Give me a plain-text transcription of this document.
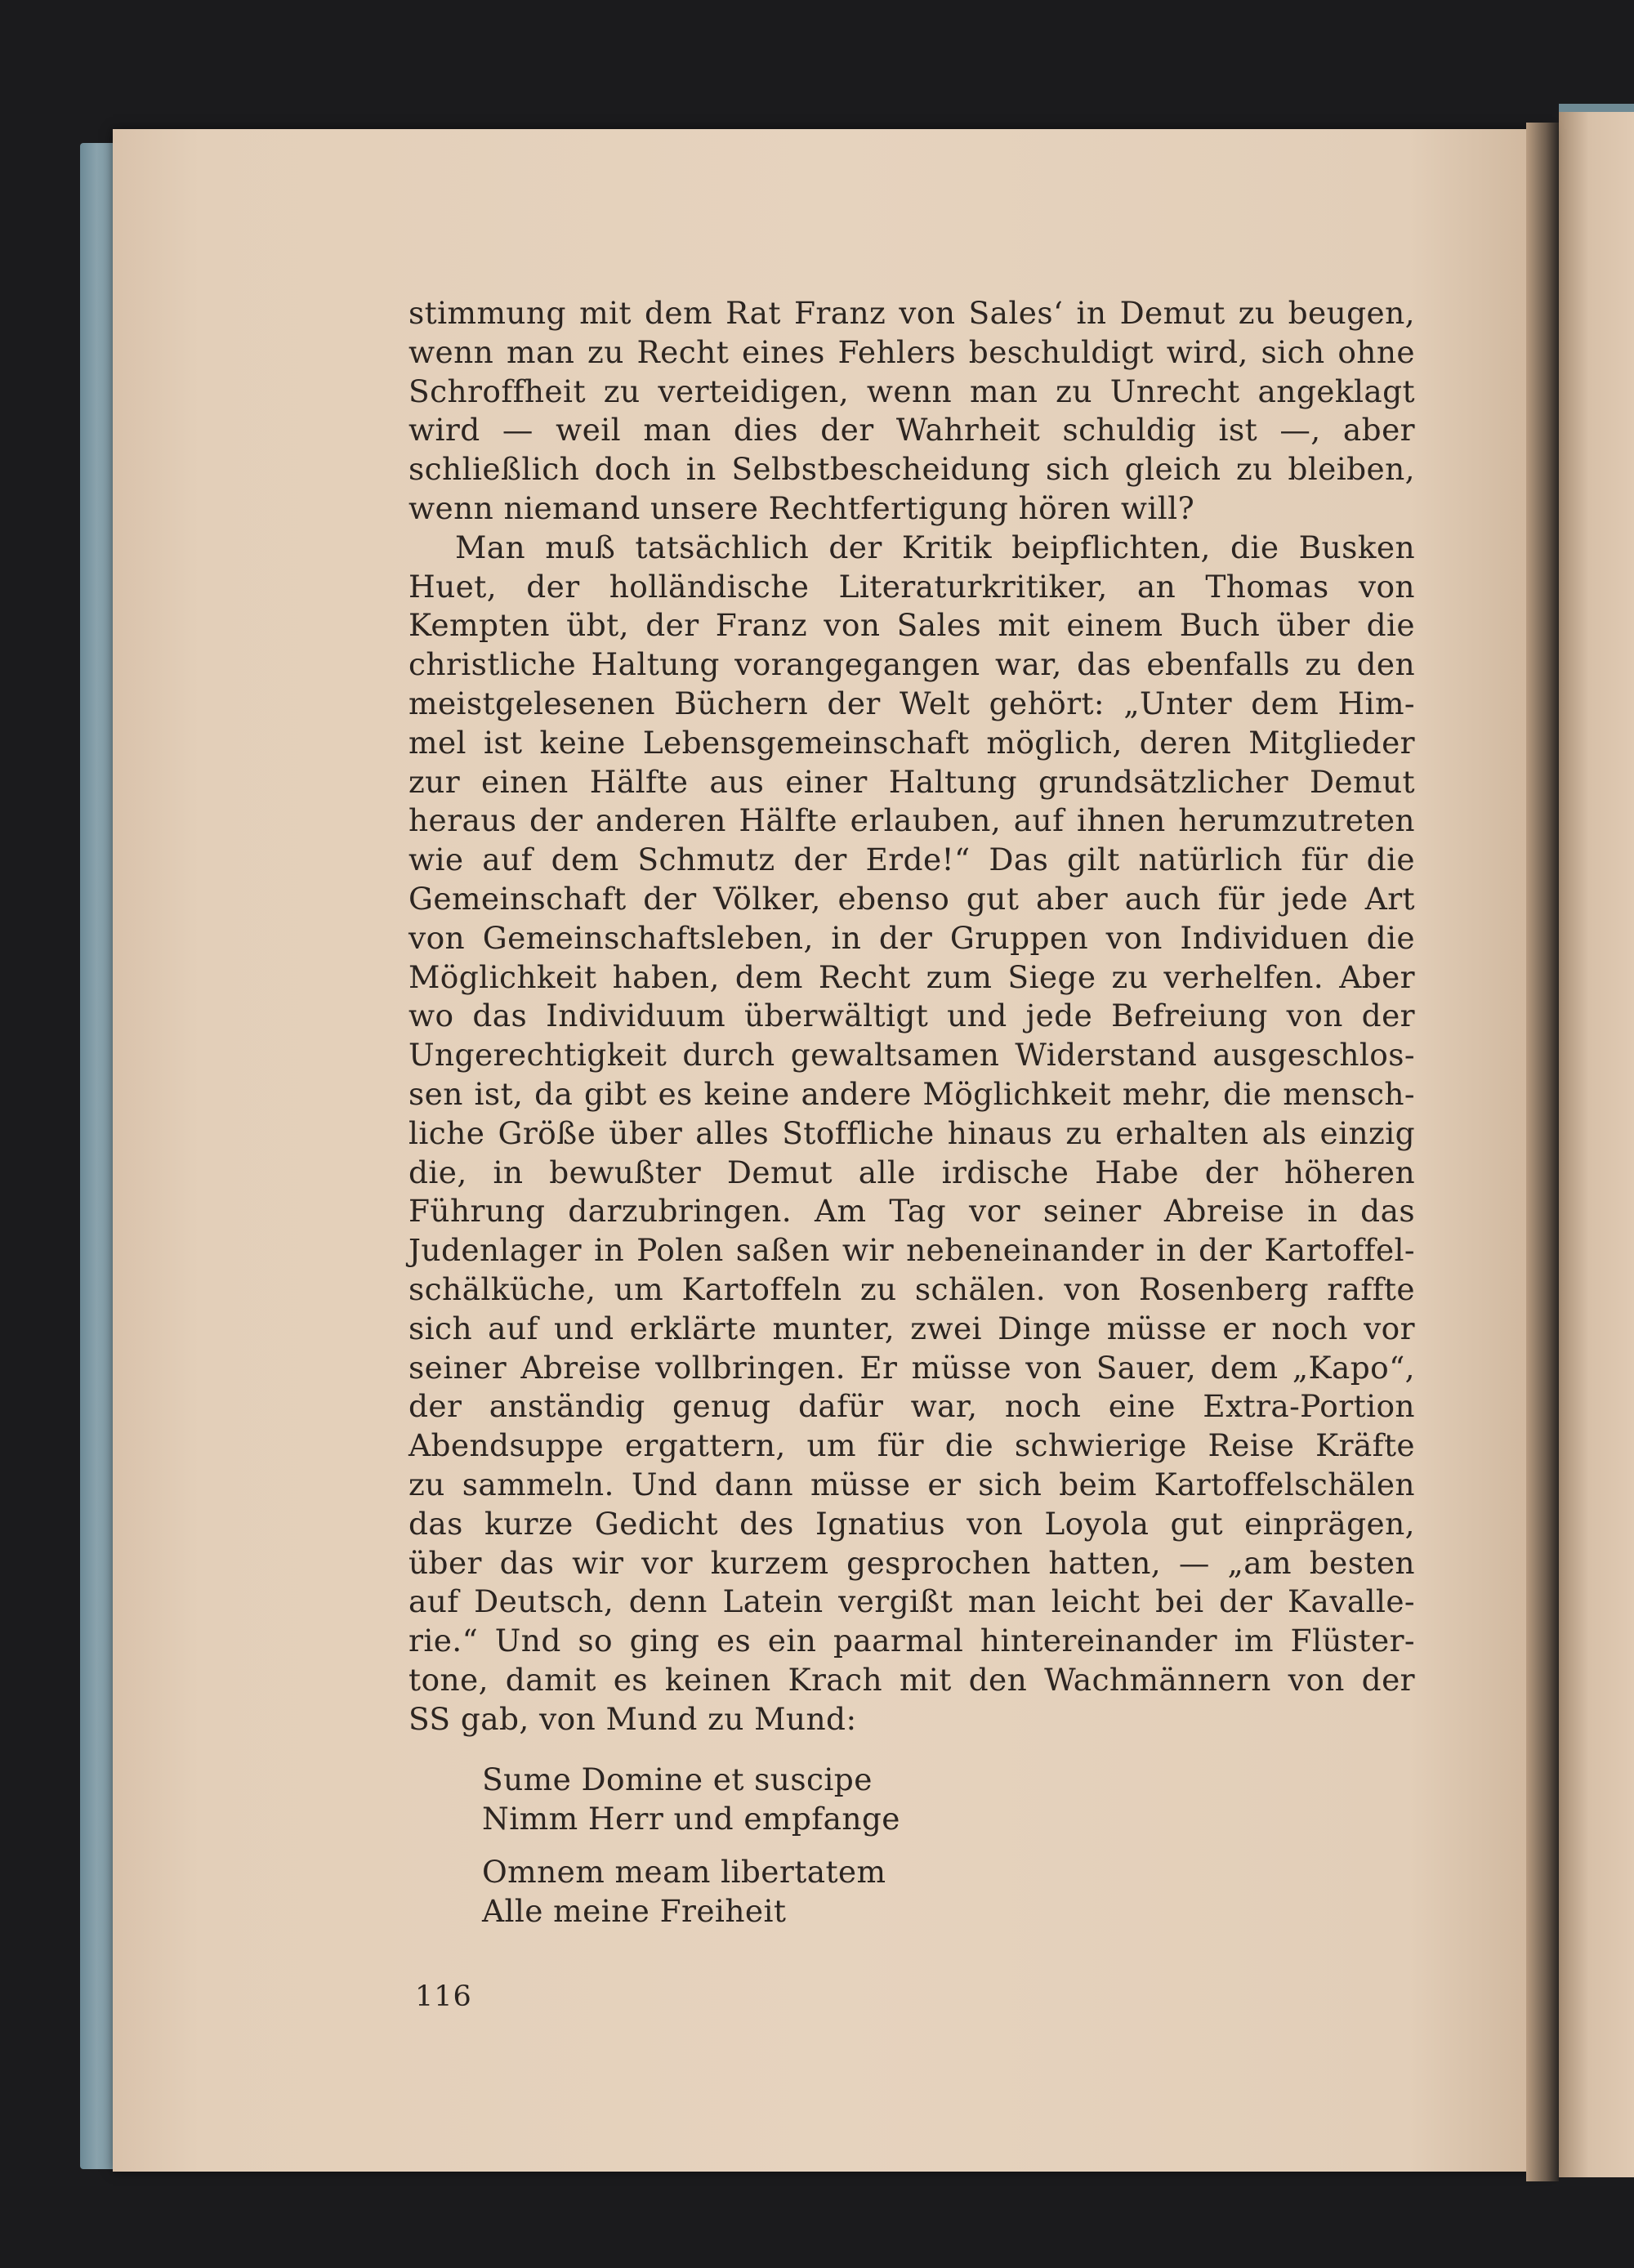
stimmung mit dem Rat Franz von Sales‘ in Demut zu beugen,
wenn man zu Recht eines Fehlers beschuldigt wird, sich ohne
Schroffheit zu verteidigen, wenn man zu Unrecht angeklagt
wird — weil man dies der Wahrheit schuldig ist —, aber
schließlich doch in Selbstbescheidung sich gleich zu bleiben,
wenn niemand unsere Rechtfertigung hören will?
Man muß tatsächlich der Kritik beipflichten, die Busken
Huet, der holländische Literaturkritiker, an Thomas von
Kempten übt, der Franz von Sales mit einem Buch über die
christliche Haltung vorangegangen war, das ebenfalls zu den
meistgelesenen Büchern der Welt gehört: „Unter dem Him-
mel ist keine Lebensgemeinschaft möglich, deren Mitglieder
zur einen Hälfte aus einer Haltung grundsätzlicher Demut
heraus der anderen Hälfte erlauben, auf ihnen herumzutreten
wie auf dem Schmutz der Erde!“ Das gilt natürlich für die
Gemeinschaft der Völker, ebenso gut aber auch für jede Art
von Gemeinschaftsleben, in der Gruppen von Individuen die
Möglichkeit haben, dem Recht zum Siege zu verhelfen. Aber
wo das Individuum überwältigt und jede Befreiung von der
Ungerechtigkeit durch gewaltsamen Widerstand ausgeschlos-
sen ist, da gibt es keine andere Möglichkeit mehr, die mensch-
liche Größe über alles Stoffliche hinaus zu erhalten als einzig
die, in bewußter Demut alle irdische Habe der höheren
Führung darzubringen. Am Tag vor seiner Abreise in das
Judenlager in Polen saßen wir nebeneinander in der Kartoffel-
schälküche, um Kartoffeln zu schälen. von Rosenberg raffte
sich auf und erklärte munter, zwei Dinge müsse er noch vor
seiner Abreise vollbringen. Er müsse von Sauer, dem „Kapo“,
der anständig genug dafür war, noch eine Extra-Portion
Abendsuppe ergattern, um für die schwierige Reise Kräfte
zu sammeln. Und dann müsse er sich beim Kartoffelschälen
das kurze Gedicht des Ignatius von Loyola gut einprägen,
über das wir vor kurzem gesprochen hatten, — „am besten
auf Deutsch, denn Latein vergißt man leicht bei der Kavalle-
rie.“ Und so ging es ein paarmal hintereinander im Flüster-
tone, damit es keinen Krach mit den Wachmännern von der
SS gab, von Mund zu Mund:
Sume Domine et suscipe
Nimm Herr und empfange
Omnem meam libertatem
Alle meine Freiheit
116
